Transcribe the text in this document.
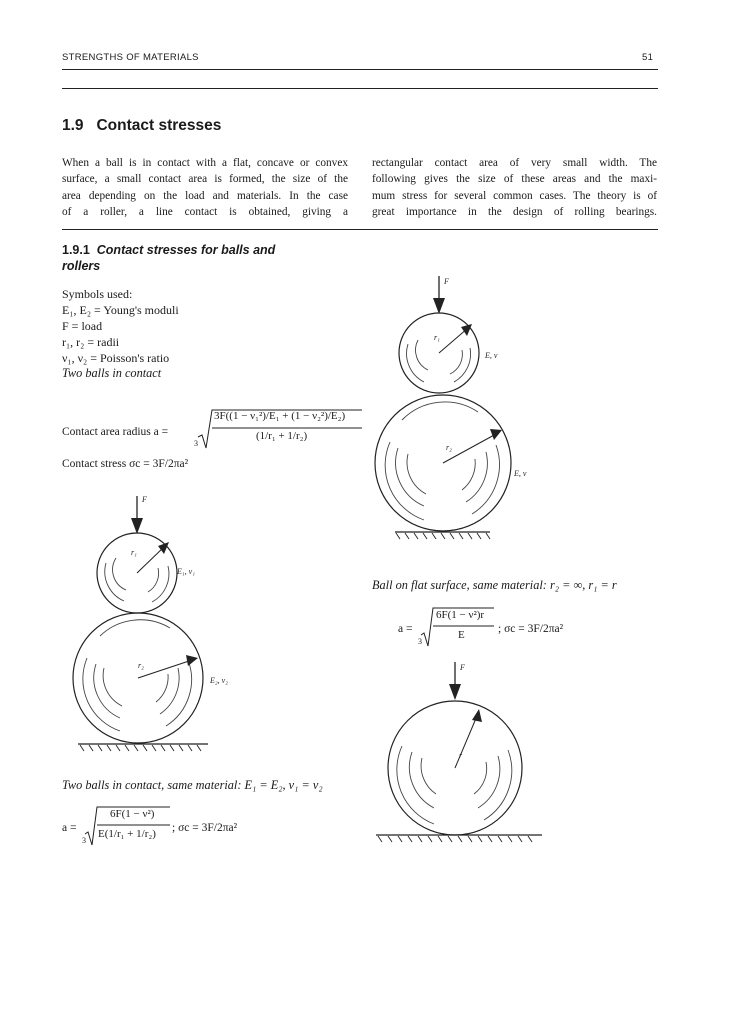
STRENGTHS OF MATERIALS	51
1.9 Contact stresses
When a ball is in contact with a flat, concave or convex
surface, a small contact area is formed, the size of the
area depending on the load and materials. In the case
of a roller, a line contact is obtained, giving a
rectangular contact area of very small width. The
following gives the size of these areas and the maxi-
mum stress for several common cases. The theory is of
great importance in the design of rolling bearings.
1.9.1 Contact stresses for balls and
rollers
Symbols used:
E₁, E₂ = Young's moduli
F = load
r₁, r₂ = radii
ν₁, ν₂ = Poisson's ratio
Two balls in contact
Contact area radius a =
3
3F((1 − ν₁²)/E₁ + (1 − ν₂²)/E₂)
(1/r₁ + 1/r₂)
Contact stress σc = 3F/2πa²
F
r₁
E₁, ν₁
r₂
E₂, ν₂
Two balls in contact, same material: E₁ = E₂, ν₁ = ν₂
a =
3
6F(1 − ν²)
E(1/r₁ + 1/r₂) ; σc = 3F/2πa²
F
r₁
E, ν
r₂
E, ν
Ball on flat surface, same material: r₂ = ∞, r₁ = r
a =
3
6F(1 − ν²)r
E	; σc = 3F/2πa²
F
r
